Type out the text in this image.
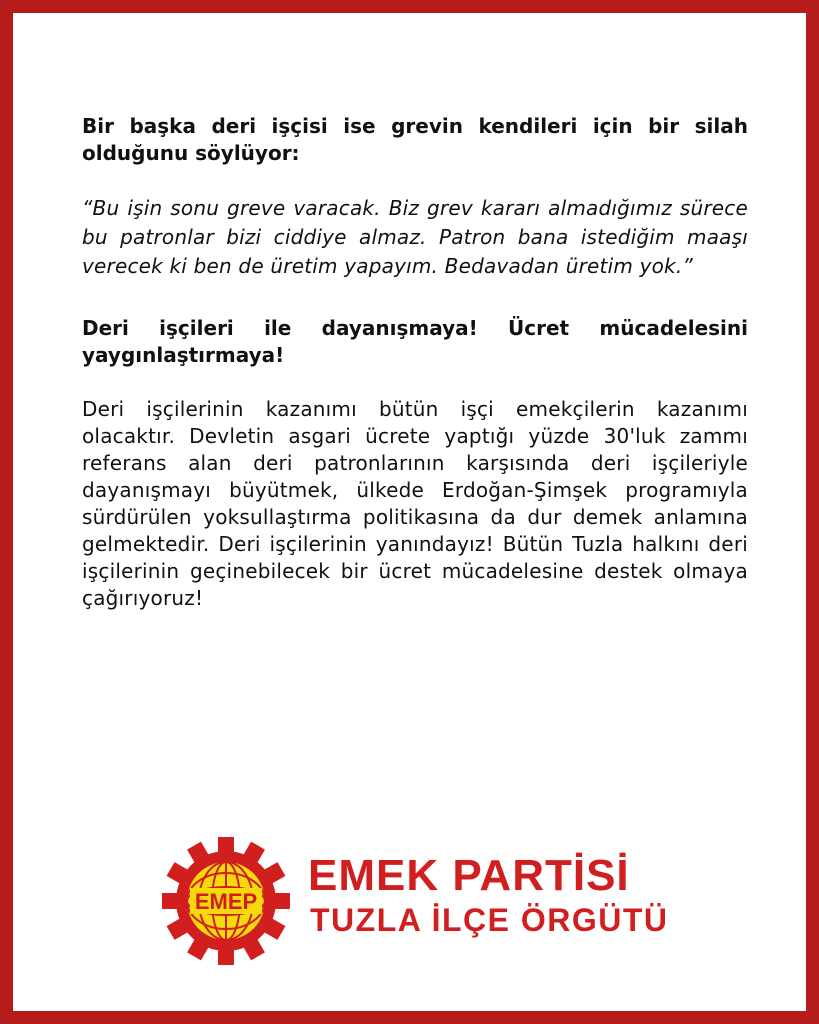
Bir başka deri işçisi ise grevin kendileri için bir silah olduğunu söylüyor:

“Bu işin sonu greve varacak. Biz grev kararı almadığımız sürece bu patronlar bizi ciddiye almaz. Patron bana istediğim maaşı verecek ki ben de üretim yapayım. Bedavadan üretim yok.”

Deri işçileri ile dayanışmaya! Ücret mücadelesini yaygınlaştırmaya!

Deri işçilerinin kazanımı bütün işçi emekçilerin kazanımı olacaktır. Devletin asgari ücrete yaptığı yüzde 30'luk zammı referans alan deri patronlarının karşısında deri işçileriyle dayanışmayı büyütmek, ülkede Erdoğan-Şimşek programıyla sürdürülen yoksullaştırma politikasına da dur demek anlamına gelmektedir. Deri işçilerinin yanındayız! Bütün Tuzla halkını deri işçilerinin geçinebilecek bir ücret mücadelesine destek olmaya çağırıyoruz!

EMEP
EMEK PARTİSİ
TUZLA İLÇE ÖRGÜTÜ
